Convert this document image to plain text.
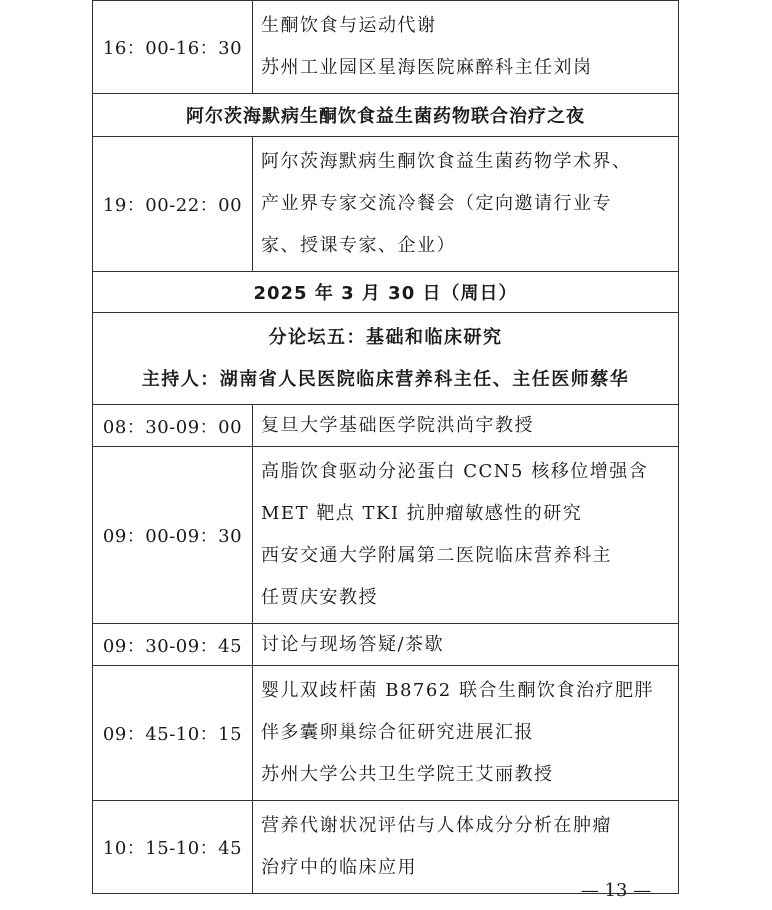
16：00-16：30	生酮饮食与运动代谢
苏州工业园区星海医院麻醉科主任刘岗

阿尔茨海默病生酮饮食益生菌药物联合治疗之夜	
19：00-22：00	阿尔茨海默病生酮饮食益生菌药物学术界、
产业界专家交流冷餐会（定向邀请行业专
家、授课专家、企业）

2025 年 3 月 30 日（周日）	

分论坛五：基础和临床研究
主持人：湖南省人民医院临床营养科主任、主任医师蔡华	

08：30-09：00	复旦大学基础医学院洪尚宇教授

09：00-09：30	高脂饮食驱动分泌蛋白 CCN5 核移位增强含
MET 靶点 TKI 抗肿瘤敏感性的研究
西安交通大学附属第二医院临床营养科主
任贾庆安教授

09：30-09：45	讨论与现场答疑/茶歇

09：45-10：15	婴儿双歧杆菌 B8762 联合生酮饮食治疗肥胖
伴多囊卵巢综合征研究进展汇报
苏州大学公共卫生学院王艾丽教授

10：15-10：45	营养代谢状况评估与人体成分分析在肿瘤
治疗中的临床应用
— 13 —
